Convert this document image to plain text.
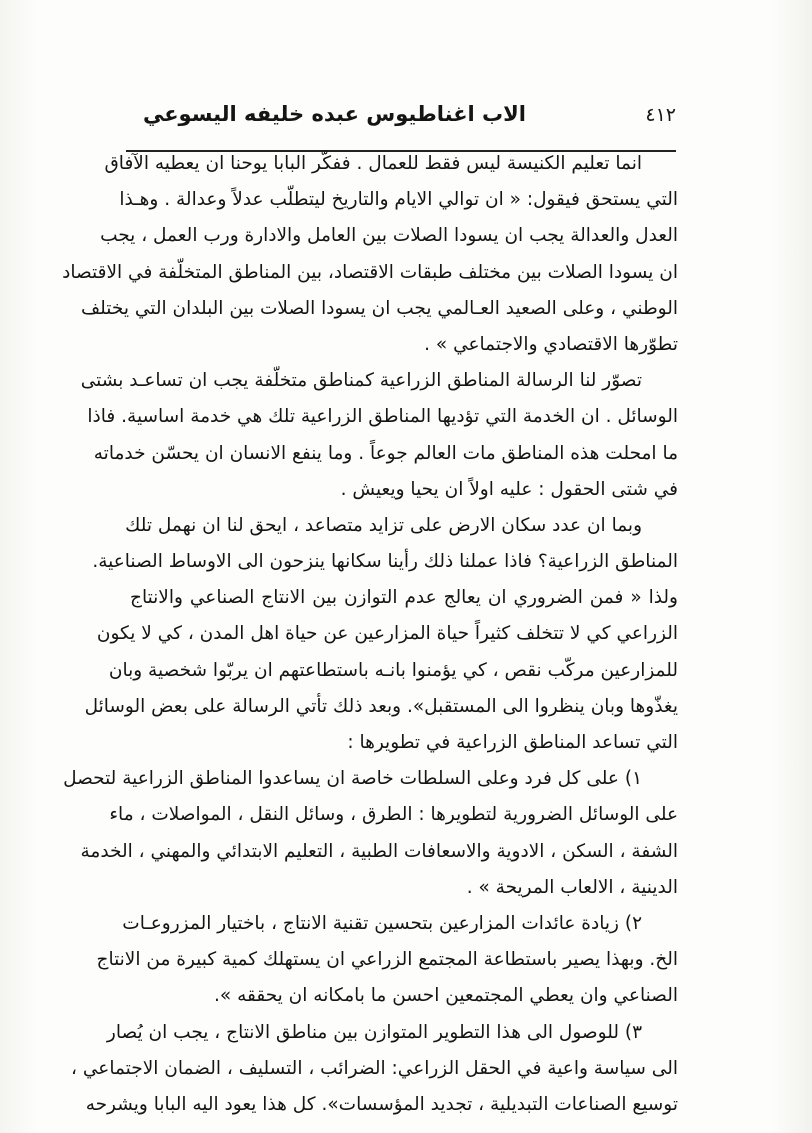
٤١٢
الاب اغناطيوس عبده خليفه اليسوعي
انما تعليم الكنيسة ليس فقط للعمال . ففكّر البابا يوحنا ان يعطيه الآفاق
التي يستحق فيقول: « ان توالي الايام والتاريخ ليتطلّب عدلاً وعدالة . وهـذا
العدل والعدالة يجب ان يسودا الصلات بين العامل والادارة ورب العمل ، يجب
ان يسودا الصلات بين مختلف طبقات الاقتصاد، بين المناطق المتخلّفة في الاقتصاد
الوطني ، وعلى الصعيد العـالمي يجب ان يسودا الصلات بين البلدان التي يختلف
تطوّرها الاقتصادي والاجتماعي » .
تصوّر لنا الرسالة المناطق الزراعية كمناطق متخلّفة يجب ان تساعـد بشتى
الوسائل . ان الخدمة التي تؤديها المناطق الزراعية تلك هي خدمة اساسية. فاذا
ما امحلت هذه المناطق مات العالم جوعاً . وما ينفع الانسان ان يحسّن خدماته
في شتى الحقول : عليه اولاً ان يحيا ويعيش .
وبما ان عدد سكان الارض على تزايد متصاعد ، ايحق لنا ان نهمل تلك
المناطق الزراعية؟ فاذا عملنا ذلك رأينا سكانها ينزحون الى الاوساط الصناعية.
ولذا « فمن الضروري ان يعالج عدم التوازن بين الانتاج الصناعي والانتاج
الزراعي كي لا تتخلف كثيراً حياة المزارعين عن حياة اهل المدن ، كي لا يكون
للمزارعين مركّب نقص ، كي يؤمنوا بانـه باستطاعتهم ان يربّوا شخصية وبان
يغذّوها وبان ينظروا الى المستقبل». وبعد ذلك تأتي الرسالة على بعض الوسائل
التي تساعد المناطق الزراعية في تطويرها :
١) على كل فرد وعلى السلطات خاصة ان يساعدوا المناطق الزراعية لتحصل
على الوسائل الضرورية لتطويرها : الطرق ، وسائل النقل ، المواصلات ، ماء
الشفة ، السكن ، الادوية والاسعافات الطبية ، التعليم الابتدائي والمهني ، الخدمة
الدينية ، الالعاب المريحة » .
٢) زيادة عائدات المزارعين بتحسين تقنية الانتاج ، باختيار المزروعـات
الخ. وبهذا يصير باستطاعة المجتمع الزراعي ان يستهلك كمية كبيرة من الانتاج
الصناعي وان يعطي المجتمعين احسن ما بامكانه ان يحققه ».
٣) للوصول الى هذا التطوير المتوازن بين مناطق الانتاج ، يجب ان يُصار
الى سياسة واعية في الحقل الزراعي: الضرائب ، التسليف ، الضمان الاجتماعي ،
توسيع الصناعات التبديلية ، تجديد المؤسسات». كل هذا يعود اليه البابا ويشرحه
